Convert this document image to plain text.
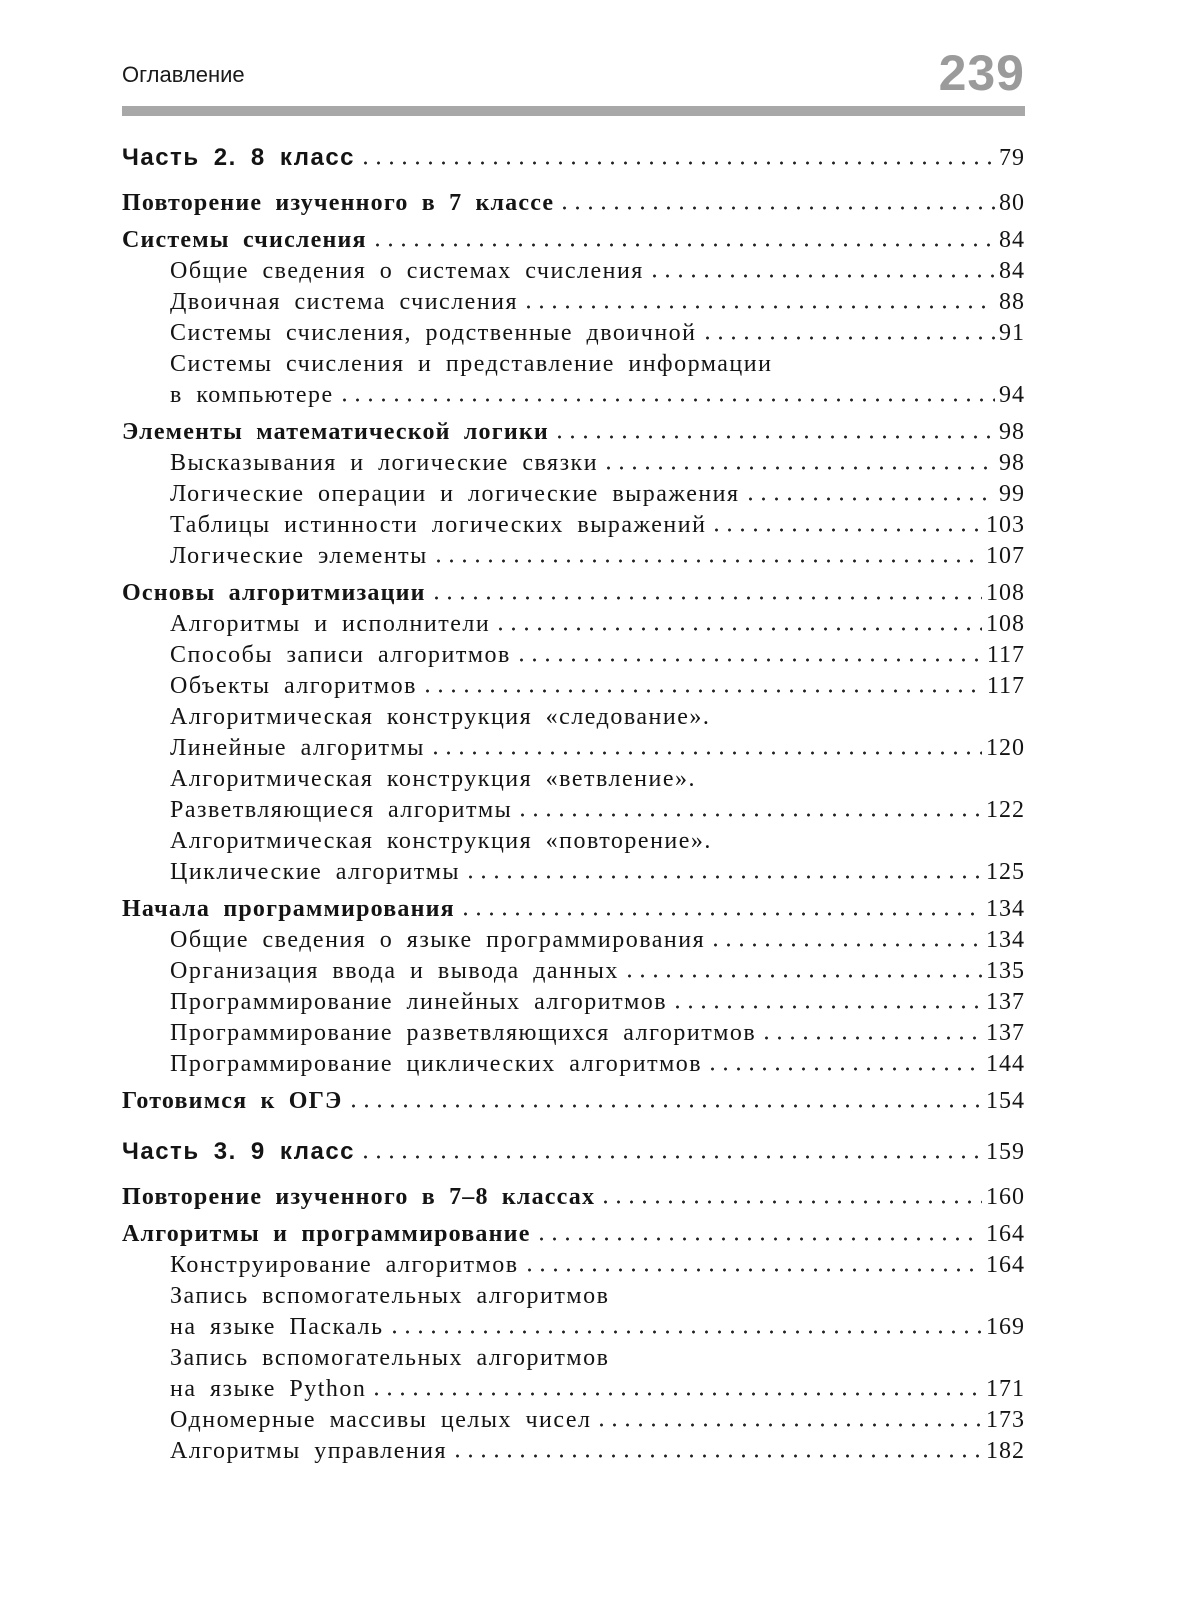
Оглавление	239
Часть 2. 8 класс	79
Повторение изученного в 7 классе	80
Системы счисления	84
Общие сведения о системах счисления	84
Двоичная система счисления	88
Системы счисления, родственные двоичной	91
Системы счисления и представление информации
в компьютере	94
Элементы математической логики	98
Высказывания и логические связки	98
Логические операции и логические выражения	99
Таблицы истинности логических выражений	103
Логические элементы	107
Основы алгоритмизации	108
Алгоритмы и исполнители	108
Способы записи алгоритмов	117
Объекты алгоритмов	117
Алгоритмическая конструкция «следование».
Линейные алгоритмы	120
Алгоритмическая конструкция «ветвление».
Разветвляющиеся алгоритмы	122
Алгоритмическая конструкция «повторение».
Циклические алгоритмы	125
Начала программирования	134
Общие сведения о языке программирования	134
Организация ввода и вывода данных	135
Программирование линейных алгоритмов	137
Программирование разветвляющихся алгоритмов	137
Программирование циклических алгоритмов	144
Готовимся к ОГЭ	154
Часть 3. 9 класс	159
Повторение изученного в 7–8 классах	160
Алгоритмы и программирование	164
Конструирование алгоритмов	164
Запись вспомогательных алгоритмов
на языке Паскаль	169
Запись вспомогательных алгоритмов
на языке Python	171
Одномерные массивы целых чисел	173
Алгоритмы управления	182
